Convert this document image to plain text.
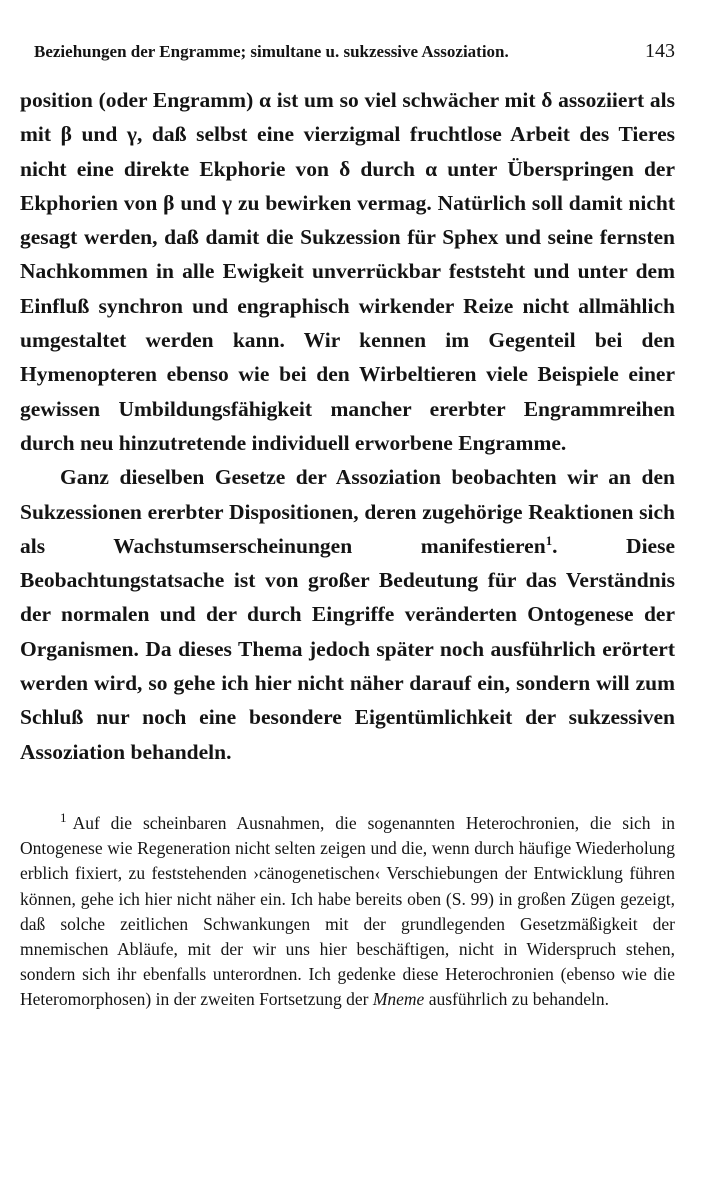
Beziehungen der Engramme; simultane u. sukzessive Assoziation.	143

position (oder Engramm) α ist um so viel schwächer mit δ assoziiert als mit β und γ, daß selbst eine vierzigmal fruchtlose Arbeit des Tieres nicht eine direkte Ekphorie von δ durch α unter Überspringen der Ekphorien von β und γ zu bewirken vermag. Natürlich soll damit nicht gesagt werden, daß damit die Sukzession für Sphex und seine fernsten Nachkommen in alle Ewigkeit unverrückbar feststeht und unter dem Einfluß synchron und engraphisch wirkender Reize nicht allmählich umgestaltet werden kann. Wir kennen im Gegenteil bei den Hymenopteren ebenso wie bei den Wirbeltieren viele Beispiele einer gewissen Umbildungsfähigkeit mancher ererbter Engrammreihen durch neu hinzutretende individuell erworbene Engramme.

Ganz dieselben Gesetze der Assoziation beobachten wir an den Sukzessionen ererbter Dispositionen, deren zugehörige Reaktionen sich als Wachstumserscheinungen manifestieren$^1$. Diese Beobachtungstatsache ist von großer Bedeutung für das Verständnis der normalen und der durch Eingriffe veränderten Ontogenese der Organismen. Da dieses Thema jedoch später noch ausführlich erörtert werden wird, so gehe ich hier nicht näher darauf ein, sondern will zum Schluß nur noch eine besondere Eigentümlichkeit der sukzessiven Assoziation behandeln.

$^1$ Auf die scheinbaren Ausnahmen, die sogenannten Heterochronien, die sich in Ontogenese wie Regeneration nicht selten zeigen und die, wenn durch häufige Wiederholung erblich fixiert, zu feststehenden ›cänogenetischen‹ Verschiebungen der Entwicklung führen können, gehe ich hier nicht näher ein. Ich habe bereits oben (S. 99) in großen Zügen gezeigt, daß solche zeitlichen Schwankungen mit der grundlegenden Gesetzmäßigkeit der mnemischen Abläufe, mit der wir uns hier beschäftigen, nicht in Widerspruch stehen, sondern sich ihr ebenfalls unterordnen. Ich gedenke diese Heterochronien (ebenso wie die Heteromorphosen) in der zweiten Fortsetzung der Mneme ausführlich zu behandeln.
